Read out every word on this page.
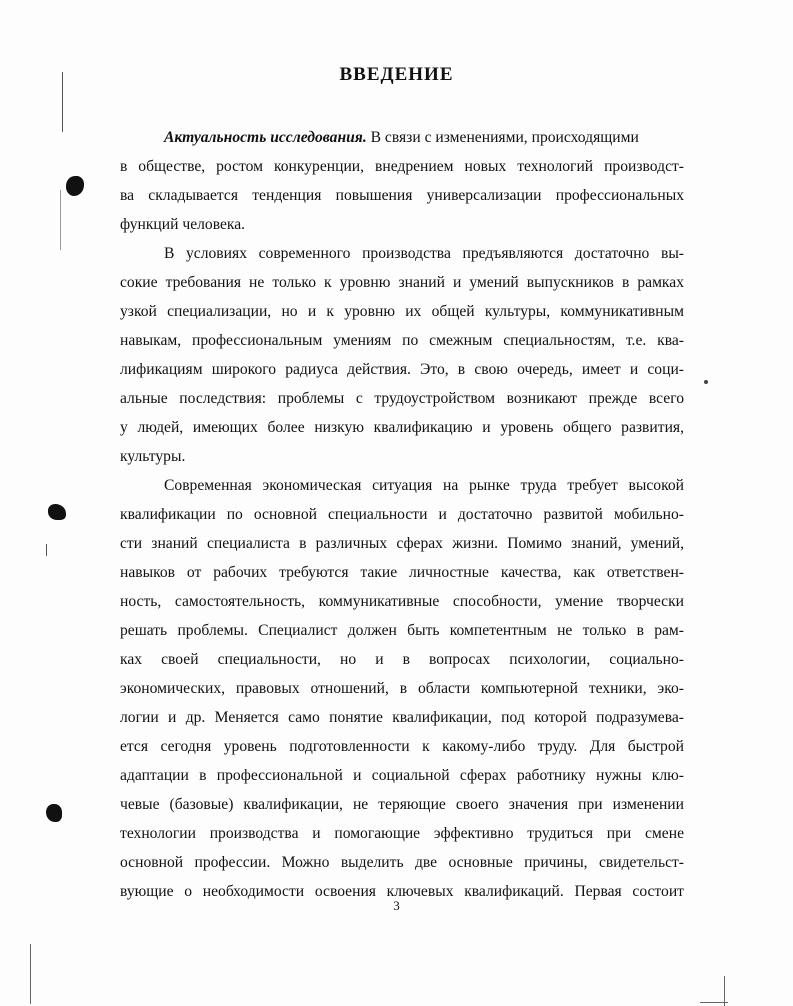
ВВЕДЕНИЕ
Актуальность исследования. В связи с изменениями, происходящими
в обществе, ростом конкуренции, внедрением новых технологий производст-
ва складывается тенденция повышения универсализации профессиональных
функций человека.
В условиях современного производства предъявляются достаточно вы-
сокие требования не только к уровню знаний и умений выпускников в рамках
узкой специализации, но и к уровню их общей культуры, коммуникативным
навыкам, профессиональным умениям по смежным специальностям, т.е. ква-
лификациям широкого радиуса действия. Это, в свою очередь, имеет и соци-
альные последствия: проблемы с трудоустройством возникают прежде всего
у людей, имеющих более низкую квалификацию и уровень общего развития,
культуры.
Современная экономическая ситуация на рынке труда требует высокой
квалификации по основной специальности и достаточно развитой мобильно-
сти знаний специалиста в различных сферах жизни. Помимо знаний, умений,
навыков от рабочих требуются такие личностные качества, как ответствен-
ность, самостоятельность, коммуникативные способности, умение творчески
решать проблемы. Специалист должен быть компетентным не только в рам-
ках своей специальности, но и в вопросах психологии, социально-
экономических, правовых отношений, в области компьютерной техники, эко-
логии и др. Меняется само понятие квалификации, под которой подразумева-
ется сегодня уровень подготовленности к какому-либо труду. Для быстрой
адаптации в профессиональной и социальной сферах работнику нужны клю-
чевые (базовые) квалификации, не теряющие своего значения при изменении
технологии производства и помогающие эффективно трудиться при смене
основной профессии. Можно выделить две основные причины, свидетельст-
вующие о необходимости освоения ключевых квалификаций. Первая состоит
3
